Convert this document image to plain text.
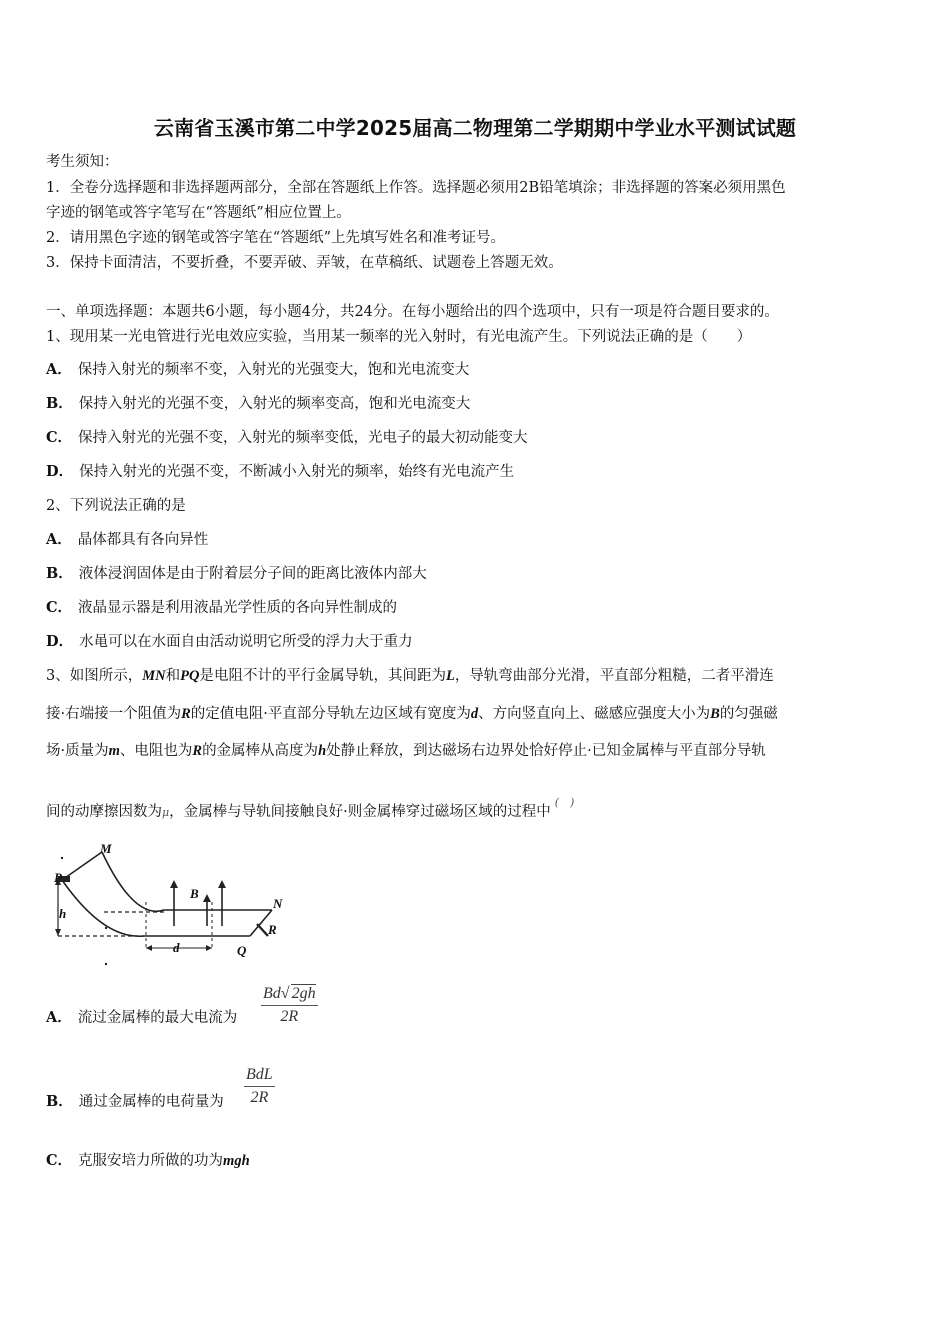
云南省玉溪市第二中学2025届高二物理第二学期期中学业水平测试试题
考生须知：
1．全卷分选择题和非选择题两部分，全部在答题纸上作答。选择题必须用2B铅笔填涂；非选择题的答案必须用黑色
字迹的钢笔或答字笔写在“答题纸”相应位置上。
2．请用黑色字迹的钢笔或答字笔在“答题纸”上先填写姓名和准考证号。
3．保持卡面清洁，不要折叠，不要弄破、弄皱，在草稿纸、试题卷上答题无效。
一、单项选择题：本题共6小题，每小题4分，共24分。在每小题给出的四个选项中，只有一项是符合题目要求的。
1、现用某一光电管进行光电效应实验，当用某一频率的光入射时，有光电流产生。下列说法正确的是（　　）
A． 保持入射光的频率不变，入射光的光强变大，饱和光电流变大
B． 保持入射光的光强不变，入射光的频率变高，饱和光电流变大
C． 保持入射光的光强不变，入射光的频率变低，光电子的最大初动能变大
D． 保持入射光的光强不变，不断减小入射光的频率，始终有光电流产生
2、下列说法正确的是
A． 晶体都具有各向异性
B． 液体浸润固体是由于附着层分子间的距离比液体内部大
C． 液晶显示器是利用液晶光学性质的各向异性制成的
D． 水黾可以在水面自由活动说明它所受的浮力大于重力
3、如图所示，MN和PQ是电阻不计的平行金属导轨，其间距为L，导轨弯曲部分光滑，平直部分粗糙，二者平滑连
接·右端接一个阻值为R的定值电阻·平直部分导轨左边区域有宽度为d、方向竖直向上、磁感应强度大小为B的匀强磁
场·质量为m、电阻也为R的金属棒从高度为h处静止释放，到达磁场右边界处恰好停止·已知金属棒与平直部分导轨
间的动摩擦因数为μ，金属棒与导轨间接触良好·则金属棒穿过磁场区域的过程中(　)
M
P
h
B
N
R
d	Q
A． 流过金属棒的最大电流为
Bd√ 2gh
2R
B． 通过金属棒的电荷量为
BdL
2R
C． 克服安培力所做的功为mgh
